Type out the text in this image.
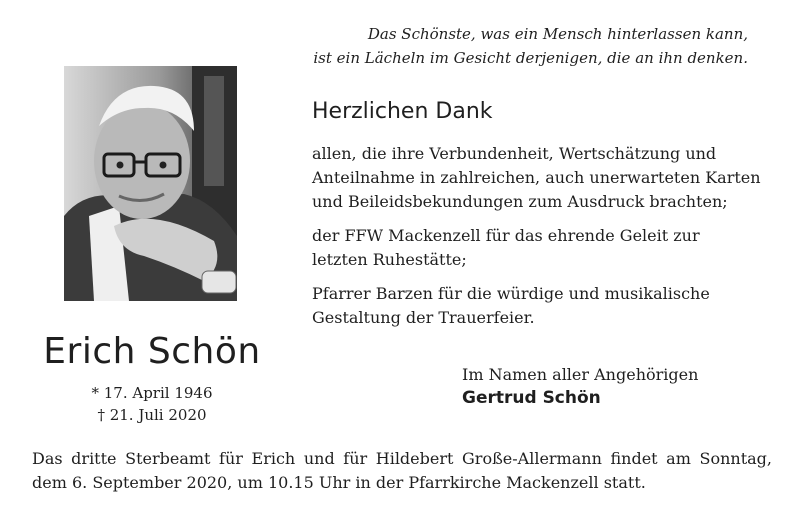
Das Schönste, was ein Mensch hinterlassen kann,
ist ein Lächeln im Gesicht derjenigen, die an ihn denken.
Erich Schön
* 17. April 1946
† 21. Juli 2020
Herzlichen Dank
allen, die ihre Verbundenheit, Wertschätzung und
Anteilnahme in zahlreichen, auch unerwarteten Karten
und Beileidsbekundungen zum Ausdruck brachten;
der FFW Mackenzell für das ehrende Geleit zur
letzten Ruhestätte;
Pfarrer Barzen für die würdige und musikalische
Gestaltung der Trauerfeier.
Im Namen aller Angehörigen
Gertrud Schön
Das dritte Sterbeamt für Erich und für Hildebert Große-Allermann findet am Sonntag,
dem 6. September 2020, um 10.15 Uhr in der Pfarrkirche Mackenzell statt.
